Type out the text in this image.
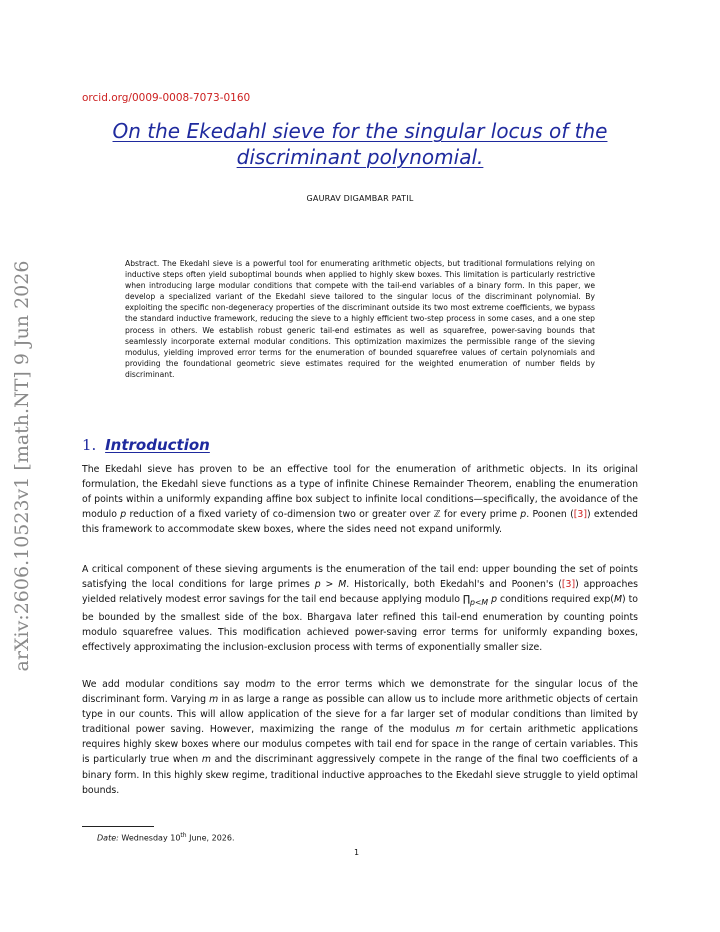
orcid.org/0009-0008-7073-0160
On the Ekedahl sieve for the singular locus of the
discriminant polynomial.
GAURAV DIGAMBAR PATIL
arXiv:2606.10523v1 [math.NT] 9 Jun 2026	Abstract. The Ekedahl sieve is a powerful tool for enumerating arithmetic objects, but traditional formulations relying on inductive steps often yield suboptimal bounds when applied to highly skew boxes. This limitation is particularly restrictive when introducing large modular conditions that compete with the tail-end variables of a binary form. In this paper, we develop a specialized variant of the Ekedahl sieve tailored to the singular locus of the discriminant polynomial. By exploiting the specific non-degeneracy properties of the discriminant outside its two most extreme coefficients, we bypass the standard inductive framework, reducing the sieve to a highly efficient two-step process in some cases, and a one step process in others. We establish robust generic tail-end estimates as well as squarefree, power-saving bounds that seamlessly incorporate external modular conditions. This optimization maximizes the permissible range of the sieving modulus, yielding improved error terms for the enumeration of bounded squarefree values of certain polynomials and providing the foundational geometric sieve estimates required for the weighted enumeration of number fields by discriminant.
1. Introduction

The Ekedahl sieve has proven to be an effective tool for the enumeration of arithmetic objects. In its original formulation, the Ekedahl sieve functions as a type of infinite Chinese Remainder Theorem, enabling the enumeration of points within a uniformly expanding affine box subject to infinite local conditions—specifically, the avoidance of the modulo p reduction of a fixed variety of co-dimension two or greater over ℤ for every prime p. Poonen ([3]) extended this framework to accommodate skew boxes, where the sides need not expand uniformly.

A critical component of these sieving arguments is the enumeration of the tail end: upper bounding the set of points satisfying the local conditions for large primes p > M. Historically, both Ekedahl's and Poonen's ([3]) approaches yielded relatively modest error savings for the tail end because applying modulo $\prod_{p<M}$ p conditions required exp(M) to be bounded by the smallest side of the box. Bhargava later refined this tail-end enumeration by counting points modulo squarefree values. This modification achieved power-saving error terms for uniformly expanding boxes, effectively approximating the inclusion-exclusion process with terms of exponentially smaller size.

We add modular conditions say modm to the error terms which we demonstrate for the singular locus of the discriminant form. Varying m in as large a range as possible can allow us to include more arithmetic objects of certain type in our counts. This will allow application of the sieve for a far larger set of modular conditions than limited by traditional power saving. However, maximizing the range of the modulus m for certain arithmetic applications requires highly skew boxes where our modulus competes with tail end for space in the range of certain variables. This is particularly true when m and the discriminant aggressively compete in the range of the final two coefficients of a binary form. In this highly skew regime, traditional inductive approaches to the Ekedahl sieve struggle to yield optimal bounds.

Date: Wednesday 10th June, 2026.
1
